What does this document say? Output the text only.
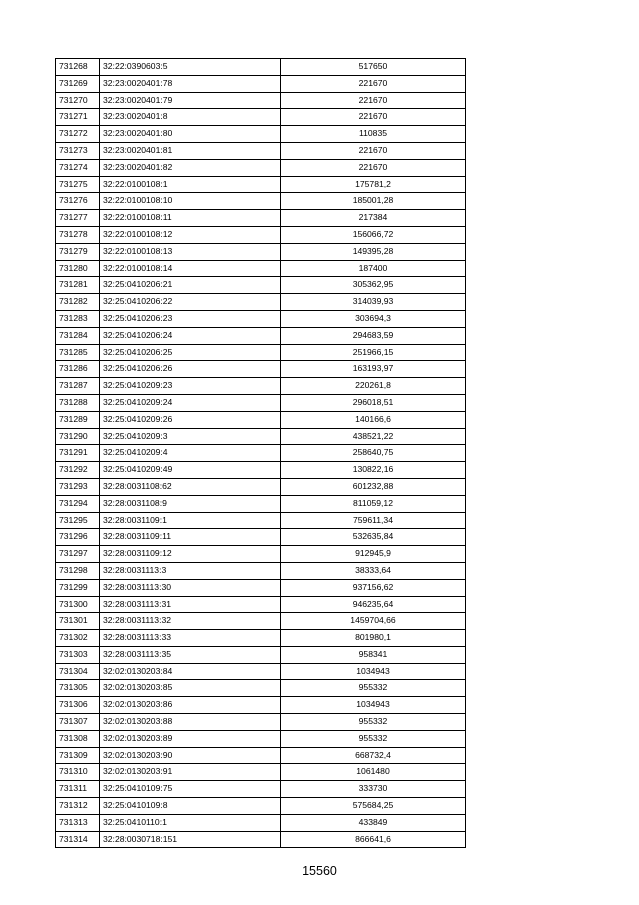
731268	32:22:0390603:5	517650
731269	32:23:0020401:78	221670
731270	32:23:0020401:79	221670
731271	32:23:0020401:8	221670
731272	32:23:0020401:80	110835
731273	32:23:0020401:81	221670
731274	32:23:0020401:82	221670
731275	32:22:0100108:1	175781,2
731276	32:22:0100108:10	185001,28
731277	32:22:0100108:11	217384
731278	32:22:0100108:12	156066,72
731279	32:22:0100108:13	149395,28
731280	32:22:0100108:14	187400
731281	32:25:0410206:21	305362,95
731282	32:25:0410206:22	314039,93
731283	32:25:0410206:23	303694,3
731284	32:25:0410206:24	294683,59
731285	32:25:0410206:25	251966,15
731286	32:25:0410206:26	163193,97
731287	32:25:0410209:23	220261,8
731288	32:25:0410209:24	296018,51
731289	32:25:0410209:26	140166,6
731290	32:25:0410209:3	438521,22
731291	32:25:0410209:4	258640,75
731292	32:25:0410209:49	130822,16
731293	32:28:0031108:62	601232,88
731294	32:28:0031108:9	811059,12
731295	32:28:0031109:1	759611,34
731296	32:28:0031109:11	532635,84
731297	32:28:0031109:12	912945,9
731298	32:28:0031113:3	38333,64
731299	32:28:0031113:30	937156,62
731300	32:28:0031113:31	946235,64
731301	32:28:0031113:32	1459704,66
731302	32:28:0031113:33	801980,1
731303	32:28:0031113:35	958341
731304	32:02:0130203:84	1034943
731305	32:02:0130203:85	955332
731306	32:02:0130203:86	1034943
731307	32:02:0130203:88	955332
731308	32:02:0130203:89	955332
731309	32:02:0130203:90	668732,4
731310	32:02:0130203:91	1061480
731311	32:25:0410109:75	333730
731312	32:25:0410109:8	575684,25
731313	32:25:0410110:1	433849
731314	32:28:0030718:151	866641,6
15560
